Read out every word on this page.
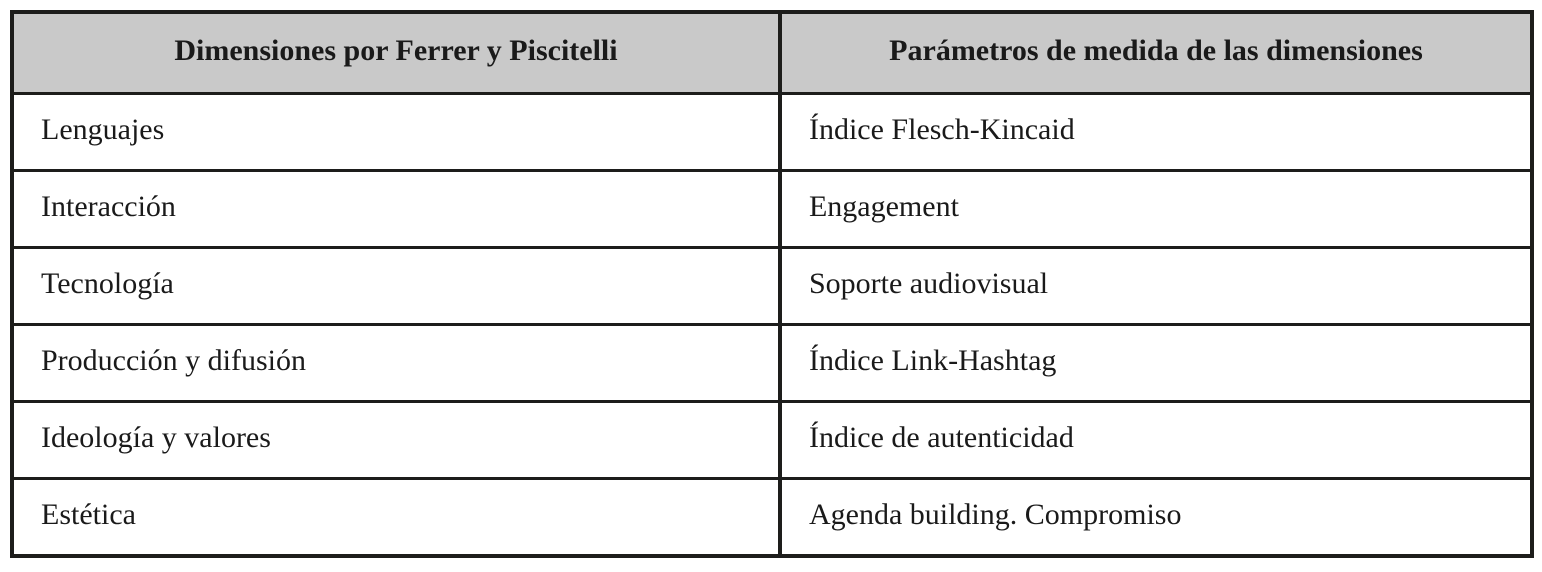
Dimensiones por Ferrer y Piscitelli	Parámetros de medida de las dimensiones
Lenguajes	Índice Flesch-Kincaid
Interacción	Engagement
Tecnología	Soporte audiovisual
Producción y difusión	Índice Link-Hashtag
Ideología y valores	Índice de autenticidad
Estética	Agenda building. Compromiso
